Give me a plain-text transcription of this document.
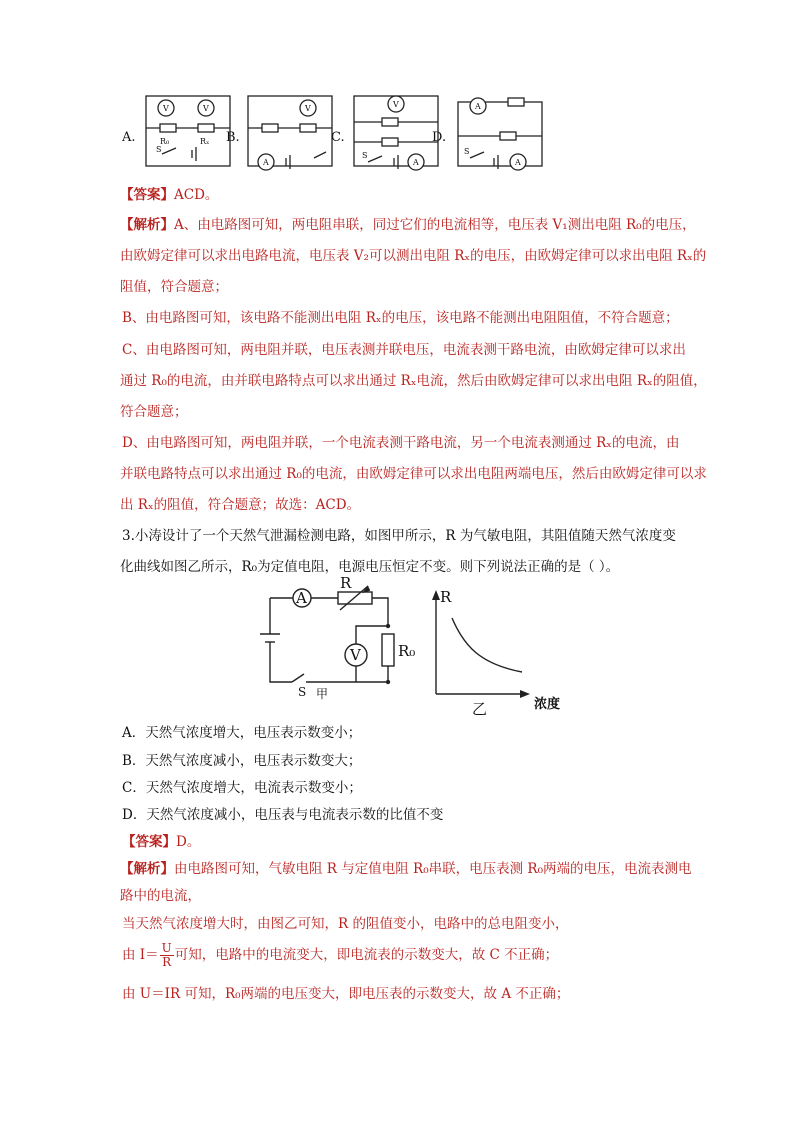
A.	B.	C.	D.
V	V
R₀	Rₓ
S
V
A
V
A
S
A
A
S
【答案】ACD。
【解析】A、由电路图可知，两电阻串联，同过它们的电流相等，电压表 V₁测出电阻 R₀的电压，
由欧姆定律可以求出电路电流，电压表 V₂可以测出电阻 Rₓ的电压，由欧姆定律可以求出电阻 Rₓ的
阻值，符合题意；
B、由电路图可知，该电路不能测出电阻 Rₓ的电压，该电路不能测出电阻阻值，不符合题意；
C、由电路图可知，两电阻并联，电压表测并联电压，电流表测干路电流，由欧姆定律可以求出
通过 R₀的电流，由并联电路特点可以求出通过 Rₓ电流，然后由欧姆定律可以求出电阻 Rₓ的阻值，
符合题意；
D、由电路图可知，两电阻并联，一个电流表测干路电流，另一个电流表测通过 Rₓ的电流，由
并联电路特点可以求出通过 R₀的电流，由欧姆定律可以求出电阻两端电压，然后由欧姆定律可以求
出 Rₓ的阻值，符合题意；故选：ACD。
3.小涛设计了一个天然气泄漏检测电路，如图甲所示，R 为气敏电阻，其阻值随天然气浓度变
化曲线如图乙所示，R₀为定值电阻，电源电压恒定不变。则下列说法正确的是（ ）。
A
V
R
R₀
S 甲
R
浓度
乙
A．天然气浓度增大，电压表示数变小；
B．天然气浓度减小，电压表示数变大；
C．天然气浓度增大，电流表示数变小；
D．天然气浓度减小，电压表与电流表示数的比值不变
【答案】D。
【解析】由电路图可知，气敏电阻 R 与定值电阻 R₀串联，电压表测 R₀两端的电压，电流表测电
路中的电流，
当天然气浓度增大时，由图乙可知，R 的阻值变小，电路中的总电阻变小，
由 $I= \frac{U}{R}$ 可知，电路中的电流变大，即电流表的示数变大，故 C 不正确；
由 U＝IR 可知，R₀两端的电压变大，即电压表的示数变大，故 A 不正确；
